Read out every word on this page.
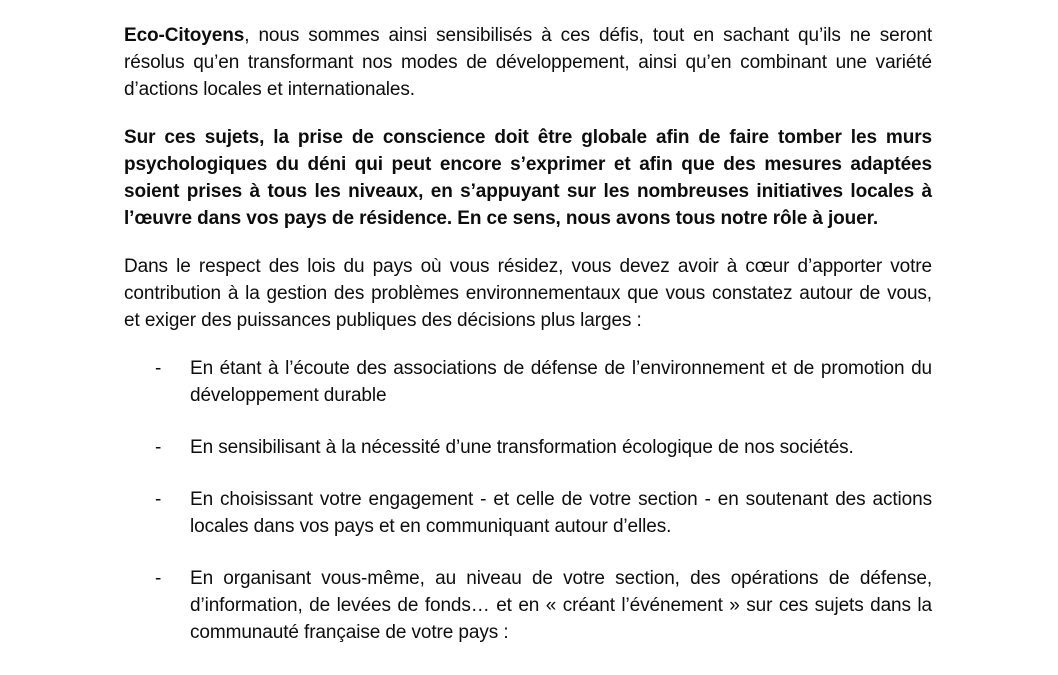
Eco-Citoyens, nous sommes ainsi sensibilisés à ces défis, tout en sachant qu’ils ne seront résolus qu’en transformant nos modes de développement, ainsi qu’en combinant une variété d’actions locales et internationales.

Sur ces sujets, la prise de conscience doit être globale afin de faire tomber les murs psychologiques du déni qui peut encore s’exprimer et afin que des mesures adaptées soient prises à tous les niveaux, en s’appuyant sur les nombreuses initiatives locales à l’œuvre dans vos pays de résidence. En ce sens, nous avons tous notre rôle à jouer.

Dans le respect des lois du pays où vous résidez, vous devez avoir à cœur d’apporter votre contribution à la gestion des problèmes environnementaux que vous constatez autour de vous, et exiger des puissances publiques des décisions plus larges :

-	En étant à l’écoute des associations de défense de l’environnement et de promotion du développement durable
-	En sensibilisant à la nécessité d’une transformation écologique de nos sociétés.
-	En choisissant votre engagement - et celle de votre section - en soutenant des actions locales dans vos pays et en communiquant autour d’elles.
-	En organisant vous-même, au niveau de votre section, des opérations de défense, d’information, de levées de fonds… et en « créant l’événement » sur ces sujets dans la communauté française de votre pays :
